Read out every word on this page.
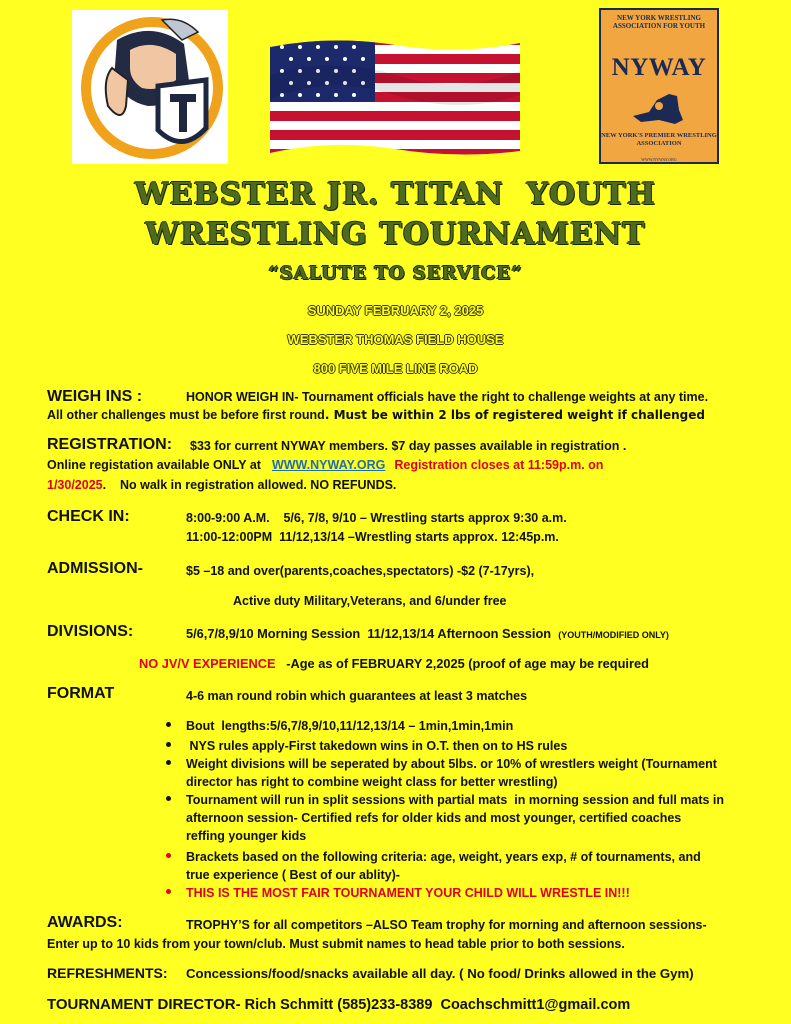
NEW YORK WRESTLING ASSOCIATION FOR YOUTH
NYWAY
NEW YORK'S PREMIER WRESTLING ASSOCIATION
WWW.NYWAY.ORG
WEBSTER JR. TITAN  YOUTH
WRESTLING TOURNAMENT
“SALUTE TO SERVICE”
SUNDAY FEBRUARY 2, 2025
WEBSTER THOMAS FIELD HOUSE
800 FIVE MILE LINE ROAD
WEIGH INS :	HONOR WEIGH IN- Tournament officials have the right to challenge weights at any time.
All other challenges must be before first round. Must be within 2 lbs of registered weight if challenged
REGISTRATION: $33 for current NYWAY members. $7 day passes available in registration .
Online registation available ONLY at WWW.NYWAY.ORG Registration closes at 11:59p.m. on
1/30/2025.    No walk in registration allowed. NO REFUNDS.
CHECK IN:	8:00-9:00 A.M.    5/6, 7/8, 9/10 – Wrestling starts approx 9:30 a.m.
11:00-12:00PM  11/12,13/14 –Wrestling starts approx. 12:45p.m.
ADMISSION-	$5 –18 and over(parents,coaches,spectators) -$2 (7-17yrs),
Active duty Military,Veterans, and 6/under free
DIVISIONS:	5/6,7/8,9/10 Morning Session  11/12,13/14 Afternoon Session (YOUTH/MODIFIED ONLY)
NO JV/V EXPERIENCE -Age as of FEBRUARY 2,2025 (proof of age may be required
FORMAT	4-6 man round robin which guarantees at least 3 matches
Bout  lengths:5/6,7/8,9/10,11/12,13/14 – 1min,1min,1min
NYS rules apply-First takedown wins in O.T. then on to HS rules
Weight divisions will be seperated by about 5lbs. or 10% of wrestlers weight (Tournament
director has right to combine weight class for better wrestling)
Tournament will run in split sessions with partial mats  in morning session and full mats in
afternoon session- Certified refs for older kids and most younger, certified coaches
reffing younger kids
Brackets based on the following criteria: age, weight, years exp, # of tournaments, and
true experience ( Best of our ablity)-
THIS IS THE MOST FAIR TOURNAMENT YOUR CHILD WILL WRESTLE IN!!!
AWARDS:	TROPHY’S for all competitors –ALSO Team trophy for morning and afternoon sessions-
Enter up to 10 kids from your town/club. Must submit names to head table prior to both sessions.
REFRESHMENTS: Concessions/food/snacks available all day. ( No food/ Drinks allowed in the Gym)
TOURNAMENT DIRECTOR- Rich Schmitt (585)233-8389  Coachschmitt1@gmail.com
